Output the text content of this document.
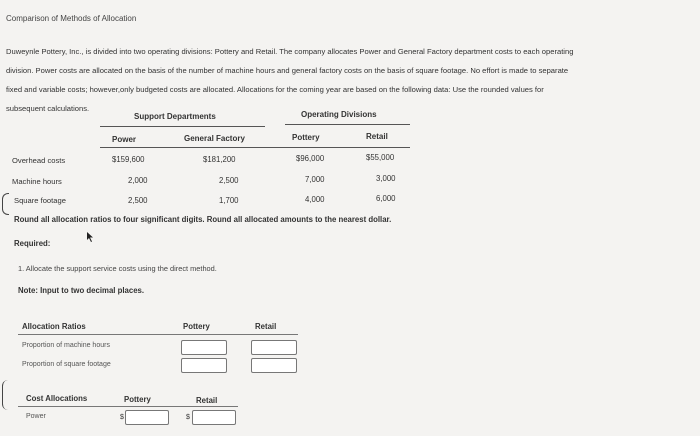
Comparison of Methods of Allocation
Duweynle Pottery, Inc., is divided into two operating divisions: Pottery and Retail. The company allocates Power and General Factory department costs to each operating
division. Power costs are allocated on the basis of the number of machine hours and general factory costs on the basis of square footage. No effort is made to separate
fixed and variable costs; however,only budgeted costs are allocated. Allocations for the coming year are based on the following data: Use the rounded values for
subsequent calculations.
Support Departments	Operating Divisions
Power	General Factory	Pottery	Retail
Overhead costs	$159,600	$181,200	$96,000	$55,000
Machine hours	2,000	2,500	7,000	3,000
Square footage	2,500	1,700	4,000	6,000
Round all allocation ratios to four significant digits. Round all allocated amounts to the nearest dollar.
Required:
1. Allocate the support service costs using the direct method.
Note: Input to two decimal places.
Allocation Ratios	Pottery	Retail
Proportion of machine hours
Proportion of square footage
Cost Allocations	Pottery	Retail
Power	$	$
